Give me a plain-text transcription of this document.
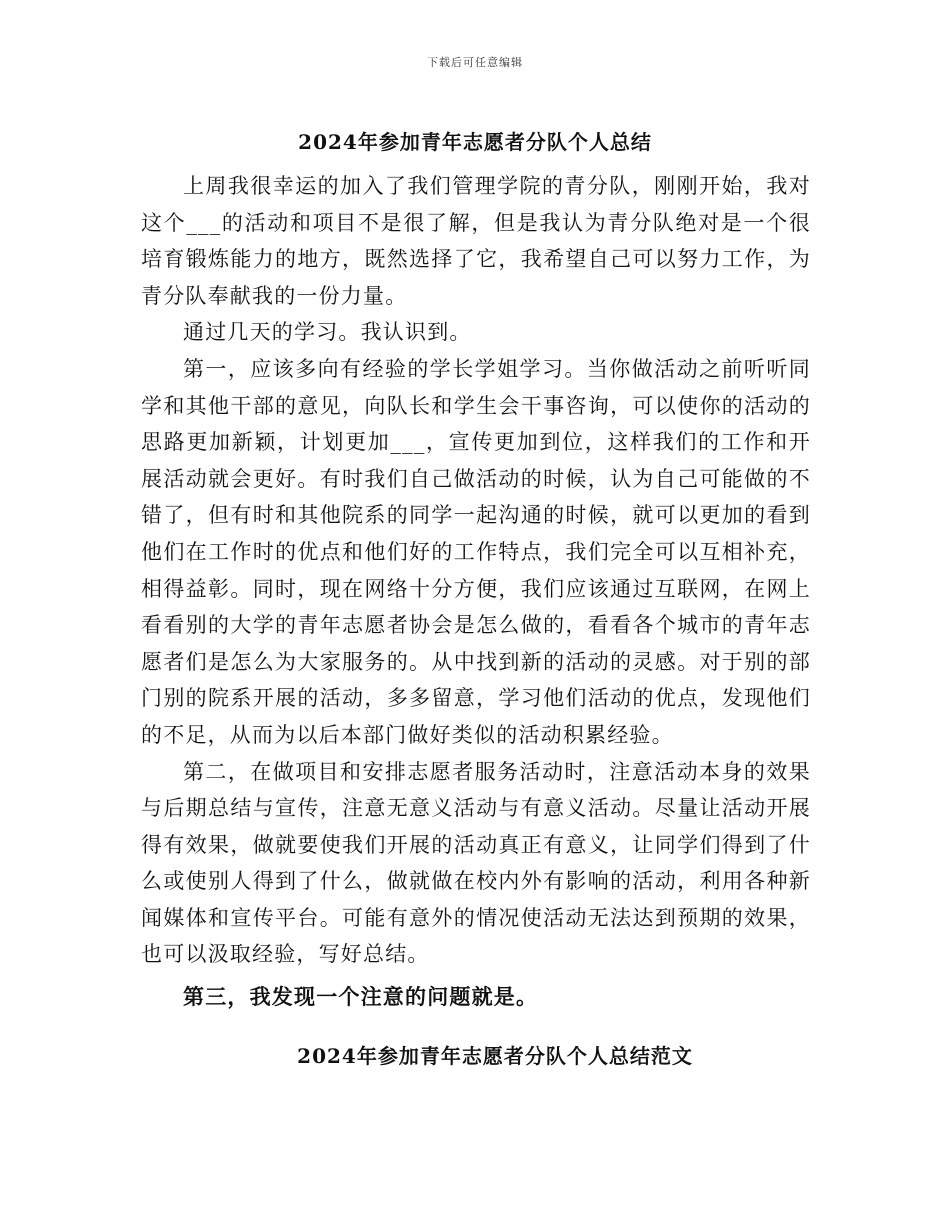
下载后可任意编辑
2024年参加青年志愿者分队个人总结

上周我很幸运的加入了我们管理学院的青分队，刚刚开始，我对这个___的活动和项目不是很了解，但是我认为青分队绝对是一个很培育锻炼能力的地方，既然选择了它，我希望自己可以努力工作，为青分队奉献我的一份力量。

通过几天的学习。我认识到。

第一，应该多向有经验的学长学姐学习。当你做活动之前听听同学和其他干部的意见，向队长和学生会干事咨询，可以使你的活动的思路更加新颖，计划更加___，宣传更加到位，这样我们的工作和开展活动就会更好。有时我们自己做活动的时候，认为自己可能做的不错了，但有时和其他院系的同学一起沟通的时候，就可以更加的看到他们在工作时的优点和他们好的工作特点，我们完全可以互相补充，相得益彰。同时，现在网络十分方便，我们应该通过互联网，在网上看看别的大学的青年志愿者协会是怎么做的，看看各个城市的青年志愿者们是怎么为大家服务的。从中找到新的活动的灵感。对于别的部门别的院系开展的活动，多多留意，学习他们活动的优点，发现他们的不足，从而为以后本部门做好类似的活动积累经验。

第二，在做项目和安排志愿者服务活动时，注意活动本身的效果与后期总结与宣传，注意无意义活动与有意义活动。尽量让活动开展得有效果，做就要使我们开展的活动真正有意义，让同学们得到了什么或使别人得到了什么，做就做在校内外有影响的活动，利用各种新闻媒体和宣传平台。可能有意外的情况使活动无法达到预期的效果，也可以汲取经验，写好总结。

第三，我发现一个注意的问题就是。

2024年参加青年志愿者分队个人总结范文
